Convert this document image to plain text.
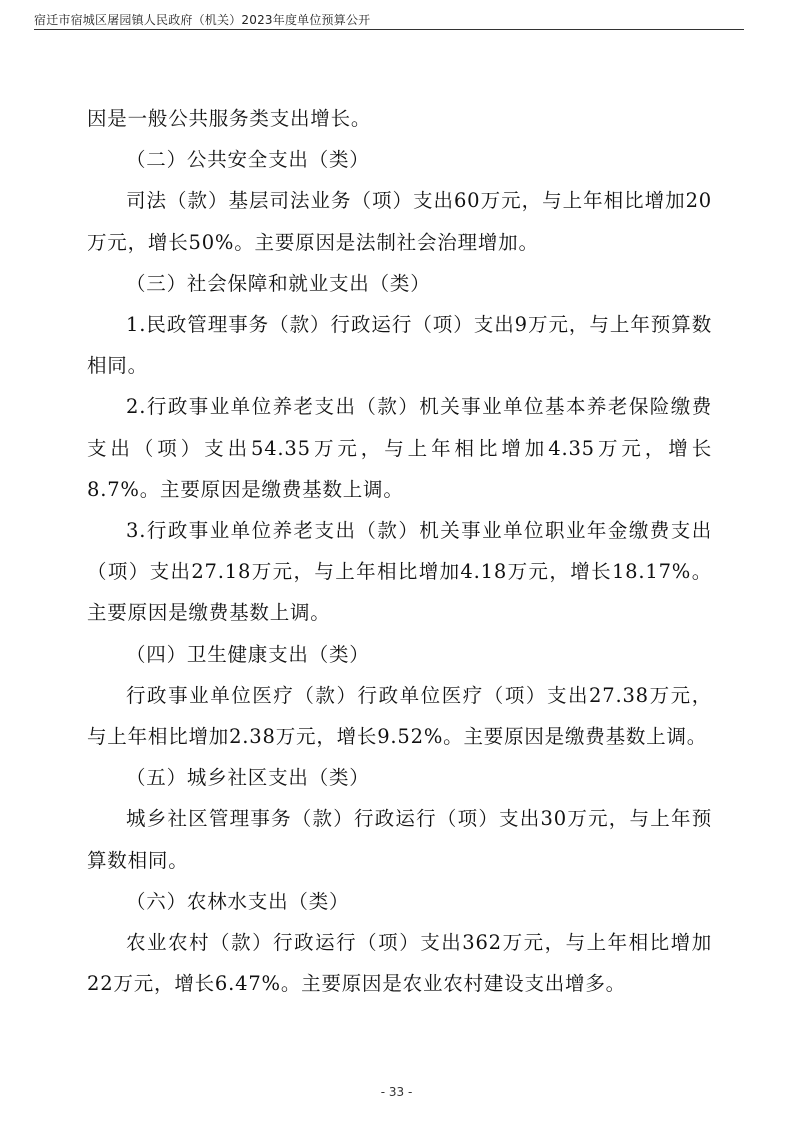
宿迁市宿城区屠园镇人民政府（机关）2023年度单位预算公开

因是一般公共服务类支出增长。

（二）公共安全支出（类）

司法（款）基层司法业务（项）支出60万元，与上年相比增加20万元，增长50%。主要原因是法制社会治理增加。

（三）社会保障和就业支出（类）

1.民政管理事务（款）行政运行（项）支出9万元，与上年预算数相同。

2.行政事业单位养老支出（款）机关事业单位基本养老保险缴费支出（项）支出54.35万元，与上年相比增加4.35万元，增长8.7%。主要原因是缴费基数上调。

3.行政事业单位养老支出（款）机关事业单位职业年金缴费支出（项）支出27.18万元，与上年相比增加4.18万元，增长18.17%。主要原因是缴费基数上调。

（四）卫生健康支出（类）

行政事业单位医疗（款）行政单位医疗（项）支出27.38万元，与上年相比增加2.38万元，增长9.52%。主要原因是缴费基数上调。

（五）城乡社区支出（类）

城乡社区管理事务（款）行政运行（项）支出30万元，与上年预算数相同。

（六）农林水支出（类）

农业农村（款）行政运行（项）支出362万元，与上年相比增加22万元，增长6.47%。主要原因是农业农村建设支出增多。

- 33 -
